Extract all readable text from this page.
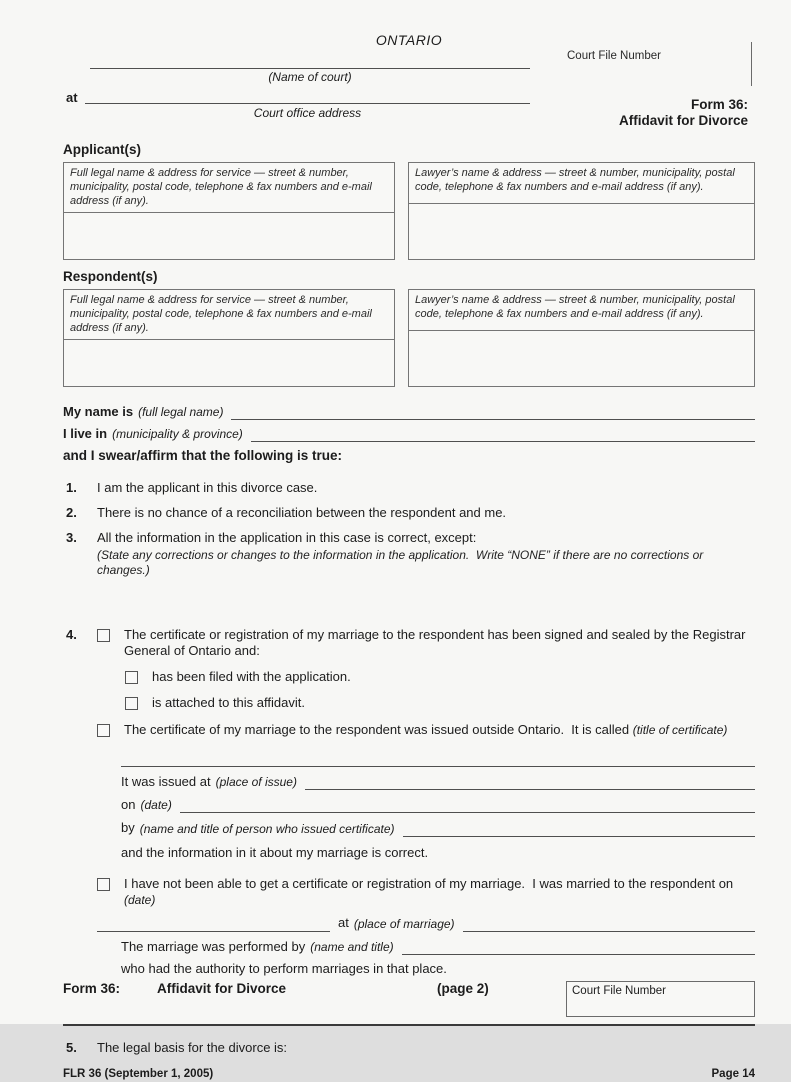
ONTARIO
Court File Number
(Name of court)
at
Court office address
Form 36:
Affidavit for Divorce
Applicant(s)
Full legal name & address for service — street & number, municipality, postal code, telephone & fax numbers and e-mail address (if any).
Lawyer’s name & address — street & number, municipality, postal code, telephone & fax numbers and e-mail address (if any).
Respondent(s)
Full legal name & address for service — street & number, municipality, postal code, telephone & fax numbers and e-mail address (if any).
Lawyer’s name & address — street & number, municipality, postal code, telephone & fax numbers and e-mail address (if any).
My name is (full legal name)
I live in (municipality & province)
and I swear/affirm that the following is true:
1.	I am the applicant in this divorce case.
2.	There is no chance of a reconciliation between the respondent and me.
3.	All the information in the application in this case is correct, except:
(State any corrections or changes to the information in the application.  Write “NONE” if there are no corrections or changes.)
4.	The certificate or registration of my marriage to the respondent has been signed and sealed by the Registrar General of Ontario and:
has been filed with the application.
is attached to this affidavit.
The certificate of my marriage to the respondent was issued outside Ontario.  It is called (title of certificate)
It was issued at (place of issue)
on (date)
by (name and title of person who issued certificate)
and the information in it about my marriage is correct.
I have not been able to get a certificate or registration of my marriage.  I was married to the respondent on (date)
at (place of marriage)
The marriage was performed by (name and title)
who had the authority to perform marriages in that place.
Form 36:	Affidavit for Divorce	(page 2)	Court File Number
5.	The legal basis for the divorce is:
FLR 36 (September 1, 2005)	Page 14
